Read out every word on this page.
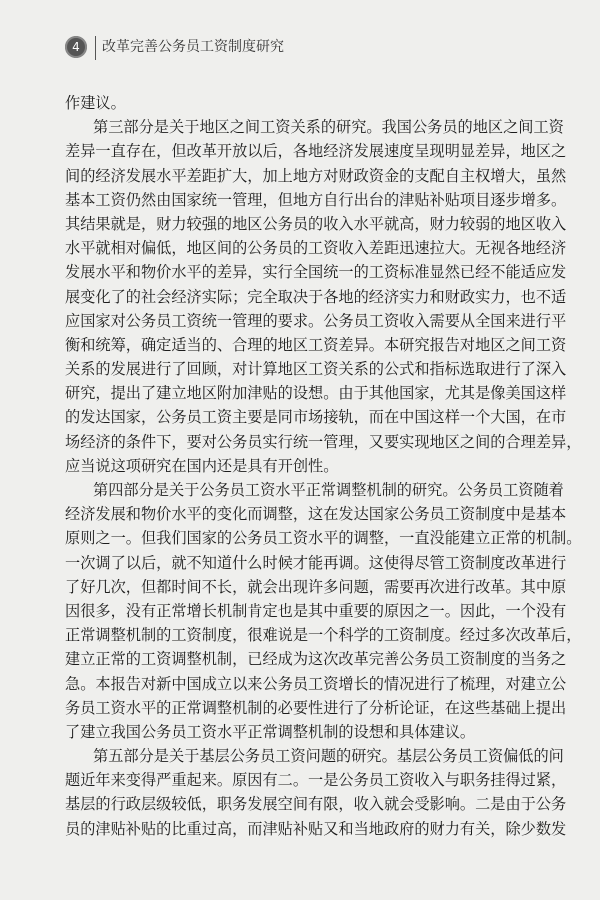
4	改革完善公务员工资制度研究
作建议。
第三部分是关于地区之间工资关系的研究。我国公务员的地区之间工资
差异一直存在，但改革开放以后，各地经济发展速度呈现明显差异，地区之
间的经济发展水平差距扩大，加上地方对财政资金的支配自主权增大，虽然
基本工资仍然由国家统一管理，但地方自行出台的津贴补贴项目逐步增多。
其结果就是，财力较强的地区公务员的收入水平就高，财力较弱的地区收入
水平就相对偏低，地区间的公务员的工资收入差距迅速拉大。无视各地经济
发展水平和物价水平的差异，实行全国统一的工资标准显然已经不能适应发
展变化了的社会经济实际；完全取决于各地的经济实力和财政实力，也不适
应国家对公务员工资统一管理的要求。公务员工资收入需要从全国来进行平
衡和统筹，确定适当的、合理的地区工资差异。本研究报告对地区之间工资
关系的发展进行了回顾，对计算地区工资关系的公式和指标选取进行了深入
研究，提出了建立地区附加津贴的设想。由于其他国家，尤其是像美国这样
的发达国家，公务员工资主要是同市场接轨，而在中国这样一个大国，在市
场经济的条件下，要对公务员实行统一管理，又要实现地区之间的合理差异，
应当说这项研究在国内还是具有开创性。
第四部分是关于公务员工资水平正常调整机制的研究。公务员工资随着
经济发展和物价水平的变化而调整，这在发达国家公务员工资制度中是基本
原则之一。但我们国家的公务员工资水平的调整，一直没能建立正常的机制。
一次调了以后，就不知道什么时候才能再调。这使得尽管工资制度改革进行
了好几次，但都时间不长，就会出现许多问题，需要再次进行改革。其中原
因很多，没有正常增长机制肯定也是其中重要的原因之一。因此，一个没有
正常调整机制的工资制度，很难说是一个科学的工资制度。经过多次改革后，
建立正常的工资调整机制，已经成为这次改革完善公务员工资制度的当务之
急。本报告对新中国成立以来公务员工资增长的情况进行了梳理，对建立公
务员工资水平的正常调整机制的必要性进行了分析论证，在这些基础上提出
了建立我国公务员工资水平正常调整机制的设想和具体建议。
第五部分是关于基层公务员工资问题的研究。基层公务员工资偏低的问
题近年来变得严重起来。原因有二。一是公务员工资收入与职务挂得过紧，
基层的行政层级较低，职务发展空间有限，收入就会受影响。二是由于公务
员的津贴补贴的比重过高，而津贴补贴又和当地政府的财力有关，除少数发
